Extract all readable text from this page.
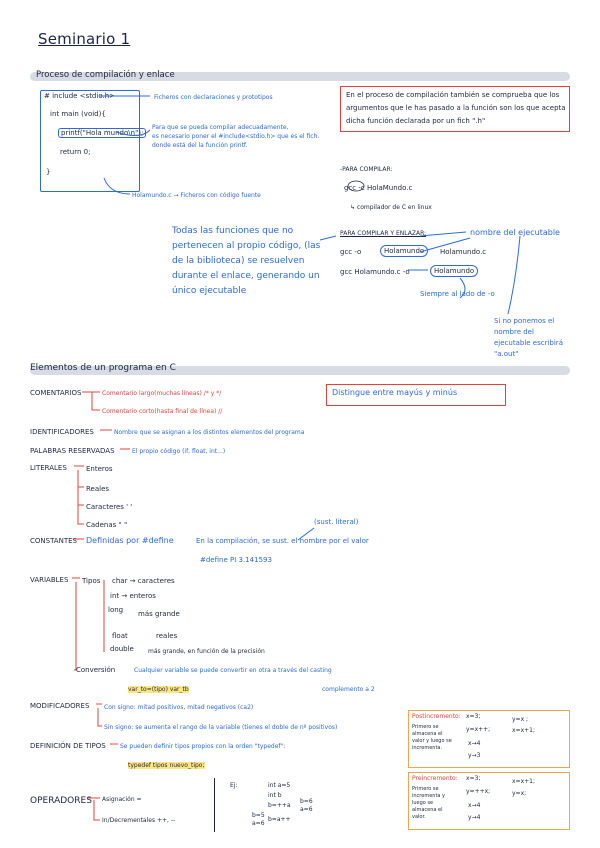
Seminario 1
Proceso de compilación y enlace
# include <stdio.h>
int main (void){
printf("Hola mundo\n");
return 0;
}
Ficheros con declaraciones y prototipos
Para que se pueda compilar adecuadamente,
es necesario poner el #include<stdio.h> que es el fich.
donde está del la función printf.
Holamundo.c → Ficheros con código fuente
En el proceso de compilación también se comprueba que los argumentos que le has pasado a la función son los que acepta dicha función declarada por un fich ".h"
-PARA COMPILAR:
gcc -c HolaMundo.c
↳ compilador de C en linux
Todas las funciones que no pertenecen al propio código, (las de la biblioteca) se resuelven durante el enlace, generando un único ejecutable
PARA COMPILAR Y ENLAZAR:	nombre del ejecutable
gcc -o	Holamundo	Holamundo.c
gcc Holamundo.c -o	Holamundo
Siempre al lado de -o
Si no ponemos el nombre del ejecutable escribirá "a.out"
Elementos de un programa en C
COMENTARIOS	Comentario largo(muchas líneas) /* y */
Comentario corto(hasta final de línea) //
Distingue entre mayús y minús
IDENTIFICADORES	Nombre que se asignan a los distintos elementos del programa
PALABRAS RESERVADAS	El propio código (if, float, int...)
LITERALES	Enteros
Reales
Caracteres ' '
Cadenas " "
CONSTANTES Definidas por #define	En la compilación, se sust. el nombre por el valor
(sust. literal)
#define PI 3.141593
VARIABLES Tipos char → caracteres
int → enteros
long más grande
float	reales
double más grande, en función de la precisión
Conversión	Cualquier variable se puede convertir en otra a través del casting
var_to=(tipo) var_tb
MODIFICADORES
complemento a 2
Con signo: mitad positivos, mitad negativos (ca2)
Sin signo: se aumenta el rango de la variable (tienes el doble de nº positivos)
DEFINICIÓN DE TIPOS Se pueden definir tipos propios con la orden "typedef":
typedef tipos nuevo_tipo;
OPERADORES Asignación =
In/Decrementales ++, --
Ej:	int a=5
int b
b=++a
b=5
a=6
b=6
a=6
b=a++
Postincremento:
Primero se almacena el valor y luego se incrementa.
x=3;
y=x++;
x→4
y→3
y=x ;
x=x+1;
Preincremento:
Primero se incrementa y luego se almacena el valor.
x=3;
y=++x;
x→4
y→4
x=x+1;
y=x;
